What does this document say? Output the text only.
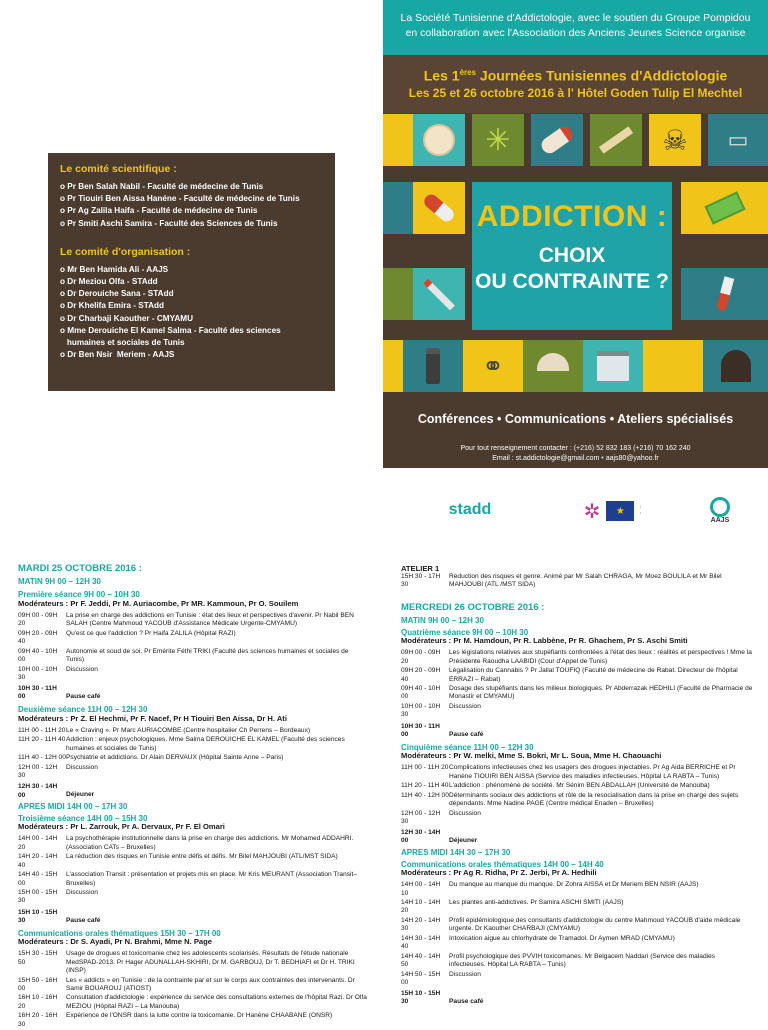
Le comité scientifique :
o Pr Ben Salah Nabil - Faculté de médecine de Tunis
o Pr Tiouiri Ben Aissa Hanéne - Faculté de médecine de Tunis
o Pr Ag Zalila Haifa - Faculté de médecine de Tunis
o Pr Smiti Aschi Samira - Faculté des Sciences de Tunis
Le comité d'organisation :
o Mr Ben Hamida Ali - AAJS
o Dr Meziou Olfa - STAdd
o Dr Derouiche Sana - STAdd
o Dr Khelifa Emira - STAdd
o Dr Charbaji Kaouther - CMYAMU
o Mme Derouiche El Kamel Salma - Faculté des sciences
humaines et sociales de Tunis
o Dr Ben Nsir  Meriem - AAJS
La Société Tunisienne d'Addictologie, avec le soutien du Groupe Pompidou
en collaboration avec l'Association des Anciens Jeunes Science organise
Les 1ères Journées Tunisiennes d'Addictologie
Les 25 et 26 octobre 2016 à l' Hôtel Goden Tulip El Mechtel
✳	☠ ▭
ADDICTION :
CHOIX
OU CONTRAINTE ?
⚭
Conférences • Communications • Ateliers spécialisés
Pour tout renseignement contacter : (+216) 52 832 183 (+216) 70 162 240
Email : st.addictologie@gmail.com • aajs80@yahoo.fr
stadd	✲	★
AAJS
MARDI 25 OCTOBRE 2016 :
MATIN 9H 00 – 12H 30
Première séance 9H 00 – 10H 30
Modérateurs : Pr F. Jeddi, Pr M. Auriacombe, Pr MR. Kammoun, Pr O. Souilem
09H 00 - 09H 20
La prise en charge des addictions en Tunisie : état des lieux et perspectives d'avenir. Pr Nabil BEN SALAH (Centre Mahmoud YACOUB d'Assistance Médicale Urgente-CMYAMU)
09H 20 - 09H 40
Qu'est ce que l'addiction ? Pr Haifa ZALILA (Hôpital RAZI)
09H 40 - 10H 00
Autonomie et soud de soi. Pr Emérite Féthi TRIKI (Faculté des sciences humaines et sociales de Tunis)
10H 00 - 10H 30
Discussion
10H 30 - 11H 00	Pause café
Deuxième séance 11H 00 – 12H 30
Modérateurs : Pr Z. El Hechmi, Pr F. Nacef, Pr H Tiouiri Ben Aissa, Dr H. Ati
11H 00 - 11H 20 Le « Craving ». Pr Marc AURIACOMBE (Centre hospitalier Ch Perrens – Bordeaux)
11H 20 - 11H 40 Addiction : enjeux psychologiques. Mme Salma DEROUICHE EL KAMEL (Faculté des sciences humaines et sociales de Tunis)
11H 40 - 12H 00 Psychiatrie et addictions. Dr Alain DERVAUX (Hôpital Sainte Anne – Paris)
12H 00 - 12H 30
Discussion
12H 30 - 14H 00	Déjeuner
APRES MIDI 14H 00 – 17H 30
Troisième séance 14H 00 – 15H 30
Modérateurs : Pr L. Zarrouk, Pr A. Dervaux, Pr F. El Omari
14H 00 - 14H 20
La psychothérapie institutionnelle dans la prise en charge des addictions. Mr Mohamed ADDAHRI. (Association CATs – Bruxelles)
14H 20 - 14H 40
La réduction des risques en Tunisie entre défis et défis. Mr Bilel MAHJOUBI (ATL/MST SIDA)
14H 40 - 15H 00
L'association Transit : présentation et projets mis en place. Mr Kris MEURANT (Association Transit– Bruxelles)
15H 00 - 15H 30
Discussion
15H 10 - 15H 30	Pause café
Communications orales thématiques 15H 30 – 17H 00
Modérateurs : Dr S. Ayadi, Pr N. Brahmi, Mme N. Page
15H 30 - 15H 50
Usage de drogues et toxicomanie chez les adolescents scolarisés. Résultats de l'étude nationale MedSPAD-2013. Pr Hager ADUNALLAH-SKHIRI, Dr M. GARBOUJ, Dr T. BEDHIAFI et Dr H. TRIKI (INSP)
15H 50 - 16H 00
Les « addicts » en Tunisie : de la contrainte par et sur le corps aux contraintes des intervenants. Dr Samir BOUAROUJ (ATIOST)
16H 10 - 16H 20
Consultation d'addictologie : expérience du service des consultations externes de l'hôpital Razi. Dr Olfa MEZIOU (Hôpital RAZI – La Manouba)
16H 20 - 16H 30
Expérience de l'ONSR dans la lutte contre la toxicomanie. Dr Hanène CHAABANE (ONSR)
ATELIER 1
15H 30 - 17H 30
Réduction des risques et genre. Animé par Mr Salah CHRAGA, Mr Moez BOULILA et Mr Bilel MAHJOUBI (ATL /MST SIDA)
MERCREDI 26 OCTOBRE 2016 :
MATIN 9H 00 – 12H 30
Quatrième séance 9H 00 – 10H 30
Modérateurs : Pr M. Hamdoun, Pr R. Labbène, Pr R. Ghachem, Pr S. Aschi Smiti
09H 00 - 09H 20
Les législations relatives aux stupéfiants confrontées à l'état des lieux : réalités et perspectives ! Mme la Présidente Raoudha LAABIDI (Cour d'Appel de Tunis)
09H 20 - 09H 40
Légalisation du Cannabis ? Pr Jallal TOUFIQ (Faculté de médecine de Rabat. Directeur de l'hôpital ERRAZI – Rabat)
09H 40 - 10H 00
Dosage des stupéfiants dans les milieux biologiques. Pr Abderrazak HEDHILI (Faculté de Pharmacie de Monastir et CMYAMU)
10H 00 - 10H 30
Discussion
10H 30 - 11H 00	Pause café
Cinquième séance 11H 00 – 12H 30
Modérateurs : Pr W. melki, Mme S. Bokri, Mr L. Soua, Mme H. Chaouachi
11H 00 - 11H 20 Complications infectieuses chez les usagers des drogues injectables. Pr Ag Aida BERRICHE et Pr Hanène TIOUIRI BEN AISSA (Service des maladies infectieuses. Hôpital LA RABTA – Tunis)
11H 20 - 11H 40 L'addiction : phénomène de société. Mr Sénim BEN ABDALLAH (Université de Manouba)
11H 40 - 12H 00 Déterminants sociaux des addictions et rôle de la resocialisation dans la prise en charge des sujets dépendants. Mme Nadine PAGE (Centre médical Enaden – Bruxelles)
12H 00 - 12H 30
Discussion
12H 30 - 14H 00	Déjeuner
APRES MIDI 14H 30 – 17H 30
Communications orales thématiques 14H 00 – 14H 40
Modérateurs : Pr Ag R. Ridha, Pr Z. Jerbi, Pr A. Hedhili
14H 00 - 14H 10
Du manque au manque du manque. Dr Zohra AISSA et Dr Meriem BEN NSIR (AAJS)
14H 10 - 14H 20
Les plantes anti-addictives. Pr Samira ASCHI SMITI (AAJS)
14H 20 - 14H 30
Profil épidémiologique des consultants d'addictologie du centre Mahmoud YACOUB d'aide médicale urgente. Dr Kaouther CHARBAJI (CMYAMU)
14H 30 - 14H 40
Intoxication aigue au chlorhydrate de Tramadol. Dr Aymen MRAD (CMYAMU)
14H 40 - 14H 50
Profil psychologique des PVVIH toxicomanes. Mr Belgacem Naddari (Service des maladies infectieuses. Hôpital LA RABTA – Tunis)
14H 50 - 15H 00
Discussion
15H 10 - 15H 30	Pause café
